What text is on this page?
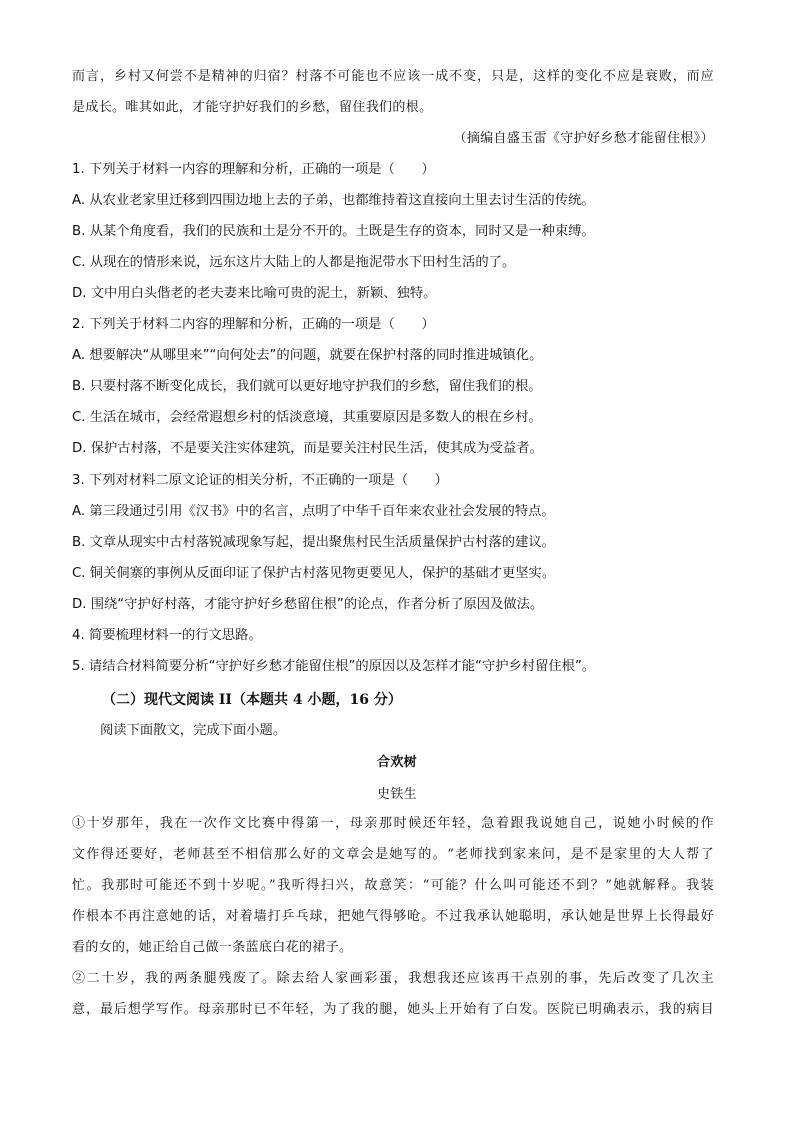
而言，乡村又何尝不是精神的归宿？村落不可能也不应该一成不变，只是，这样的变化不应是衰败，而应
是成长。唯其如此，才能守护好我们的乡愁，留住我们的根。
（摘编自盛玉雷《守护好乡愁才能留住根》）
1. 下列关于材料一内容的理解和分析，正确的一项是（　　）
A. 从农业老家里迁移到四围边地上去的子弟，也都维持着这直接向土里去讨生活的传统。
B. 从某个角度看，我们的民族和土是分不开的。土既是生存的资本，同时又是一种束缚。
C. 从现在的情形来说，远东这片大陆上的人都是拖泥带水下田村生活的了。
D. 文中用白头偕老的老夫妻来比喻可贵的泥土，新颖、独特。
2. 下列关于材料二内容的理解和分析，正确的一项是（　　）
A. 想要解决“从哪里来”“向何处去”的问题，就要在保护村落的同时推进城镇化。
B. 只要村落不断变化成长，我们就可以更好地守护我们的乡愁，留住我们的根。
C. 生活在城市，会经常遐想乡村的恬淡意境，其重要原因是多数人的根在乡村。
D. 保护古村落，不是要关注实体建筑，而是要关注村民生活，使其成为受益者。
3. 下列对材料二原文论证的相关分析，不正确的一项是（　　）
A. 第三段通过引用《汉书》中的名言，点明了中华千百年来农业社会发展的特点。
B. 文章从现实中古村落锐减现象写起，提出聚焦村民生活质量保护古村落的建议。
C. 铜关侗寨的事例从反面印证了保护古村落见物更要见人，保护的基础才更坚实。
D. 围绕“守护好村落，才能守护好乡愁留住根”的论点，作者分析了原因及做法。
4. 简要梳理材料一的行文思路。
5. 请结合材料简要分析“守护好乡愁才能留住根”的原因以及怎样才能“守护乡村留住根”。
（二）现代文阅读 II（本题共 4 小题，16 分）
阅读下面散文，完成下面小题。
合欢树
史铁生
①十岁那年，我在一次作文比赛中得第一，母亲那时候还年轻，急着跟我说她自己，说她小时候的作
文作得还要好，老师甚至不相信那么好的文章会是她写的。“老师找到家来问，是不是家里的大人帮了
忙。我那时可能还不到十岁呢。”我听得扫兴，故意笑：“可能？什么叫可能还不到？”她就解释。我装
作根本不再注意她的话，对着墙打乒乓球，把她气得够呛。不过我承认她聪明，承认她是世界上长得最好
看的女的，她正给自己做一条蓝底白花的裙子。
②二十岁，我的两条腿残废了。除去给人家画彩蛋，我想我还应该再干点别的事，先后改变了几次主
意，最后想学写作。母亲那时已不年轻，为了我的腿，她头上开始有了白发。医院已明确表示，我的病目
